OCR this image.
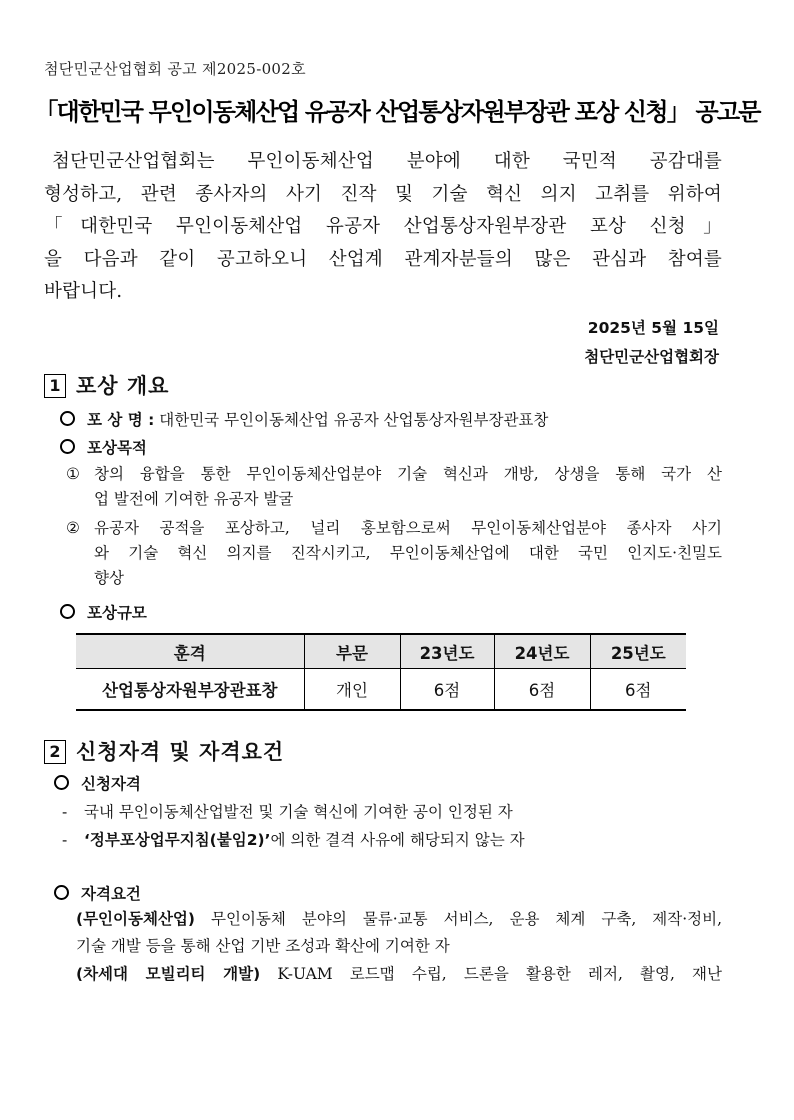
첨단민군산업협회 공고 제2025-002호
「대한민국 무인이동체산업 유공자 산업통상자원부장관 포상 신청」 공고문
첨단민군산업협회는 무인이동체산업 분야에 대한 국민적 공감대를
형성하고, 관련 종사자의 사기 진작 및 기술 혁신 의지 고취를 위하여
「대한민국 무인이동체산업 유공자 산업통상자원부장관 포상 신청」
을 다음과 같이 공고하오니 산업계 관계자분들의 많은 관심과 참여를
바랍니다.
2025년 5월 15일
첨단민군산업협회장
1 포상 개요
포 상 명 : 대한민국 무인이동체산업 유공자 산업통상자원부장관표창
포상목적
① 창의 융합을 통한 무인이동체산업분야 기술 혁신과 개방, 상생을 통해 국가 산
업 발전에 기여한 유공자 발굴
② 유공자 공적을 포상하고, 널리 홍보함으로써 무인이동체산업분야 종사자 사기
와 기술 혁신 의지를 진작시키고, 무인이동체산업에 대한 국민 인지도·친밀도
향상
포상규모
훈격	부문	23년도	24년도	25년도
산업통상자원부장관표창	개인	6점	6점	6점
2 신청자격 및 자격요건
신청자격
- 국내 무인이동체산업발전 및 기술 혁신에 기여한 공이 인정된 자
- ‘정부포상업무지침(붙임2)’에 의한 결격 사유에 해당되지 않는 자
자격요건
(무인이동체산업) 무인이동체 분야의 물류·교통 서비스, 운용 체계 구축, 제작·정비,
기술 개발 등을 통해 산업 기반 조성과 확산에 기여한 자
(차세대 모빌리티 개발) K-UAM 로드맵 수립, 드론을 활용한 레저, 촬영, 재난
